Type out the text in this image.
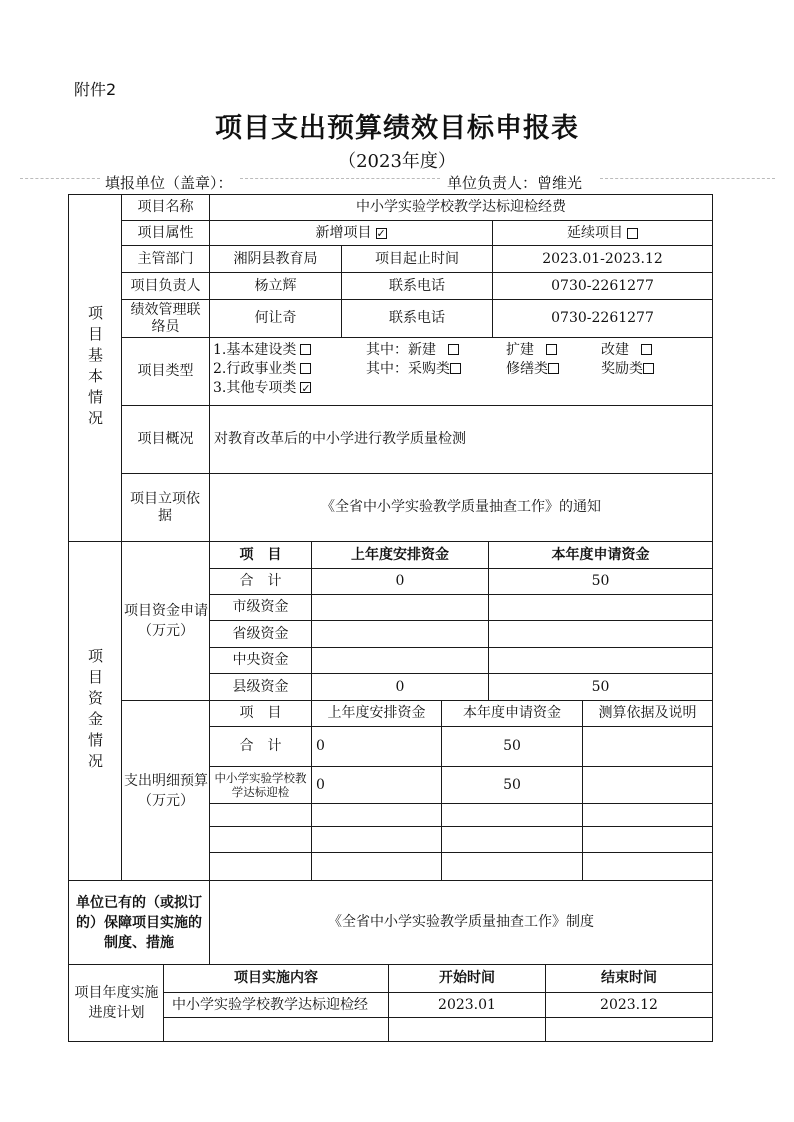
附件2
项目支出预算绩效目标申报表
（2023年度）
填报单位（盖章）：	单位负责人：曾维光
项目基本情况
项目名称	中小学实验学校教学达标迎检经费
项目属性	新增项目
✓	延续项目
主管部门	湘阴县教育局	项目起止时间	2023.01-2023.12
项目负责人	杨立辉	联系电话	0730-2261277
绩效管理联络员
何让奇	联系电话	0730-2261277
项目类型
1.基本建设类	其中：新建	扩建	改建
2.行政事业类	其中：采购类	修缮类	奖励类
3.其他专项类✓
项目概况	对教育改革后的中小学进行教学质量检测
项目立项依据
《全省中小学实验教学质量抽查工作》的通知
项目资金情况
项目资金申请（万元）
项　目	上年度安排资金	本年度申请资金
合　计	0	50
市级资金
省级资金
中央资金
县级资金	0	50
支出明细预算（万元）
项　目	上年度安排资金	本年度申请资金	测算依据及说明
合　计	0	50
中小学实验学校教学达标迎检	0	50
单位已有的（或拟订的）保障项目实施的制度、措施
《全省中小学实验教学质量抽查工作》制度
项目年度实施进度计划
项目实施内容	开始时间	结束时间
中小学实验学校教学达标迎检经	2023.01	2023.12
